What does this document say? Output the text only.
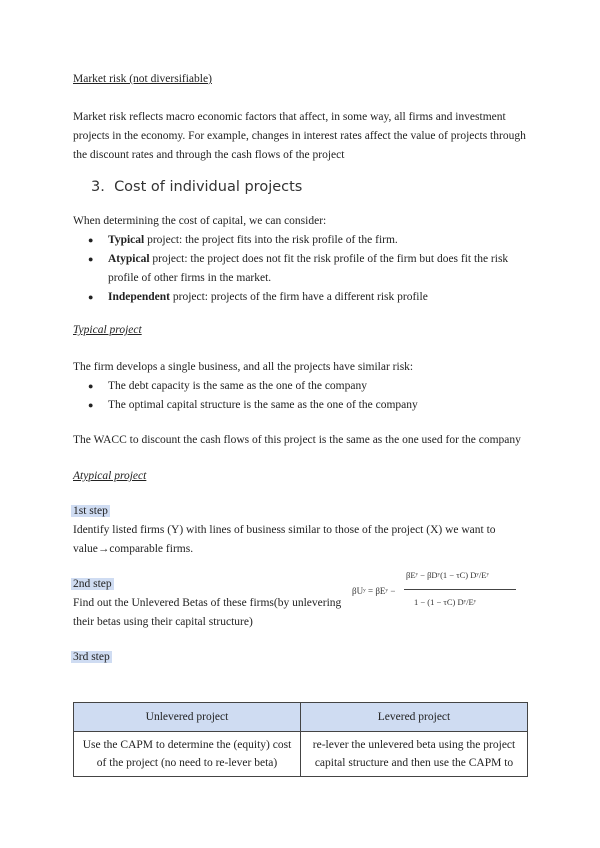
Market risk (not diversifiable)
Market risk reflects macro economic factors that affect, in some way, all firms and investment
projects in the economy. For example, changes in interest rates affect the value of projects through
the discount rates and through the cash flows of the project
3. Cost of individual projects
When determining the cost of capital, we can consider:
● Typical project: the project fits into the risk profile of the firm.
● Atypical project: the project does not fit the risk profile of the firm but does fit the risk
profile of other firms in the market.
● Independent project: projects of the firm have a different risk profile
Typical project
The firm develops a single business, and all the projects have similar risk:
● The debt capacity is the same as the one of the company
● The optimal capital structure is the same as the one of the company
The WACC to discount the cash flows of this project is the same as the one used for the company
Atypical project
1st step
Identify listed firms (Y) with lines of business similar to those of the project (X) we want to
value→comparable firms.
2nd step
Find out the Unlevered Betas of these firms(by unlevering
their betas using their capital structure)
βUʸ = βEʸ −
βEʸ − βDʸ(1 − τC) Dʸ/Eʸ
1 − (1 − τC) Dʸ/Eʸ
3rd step
Unlevered project	Levered project
Use the CAPM to determine the (equity) cost of the project (no need to re-lever beta)	re-lever the unlevered beta using the project capital structure and then use the CAPM to
